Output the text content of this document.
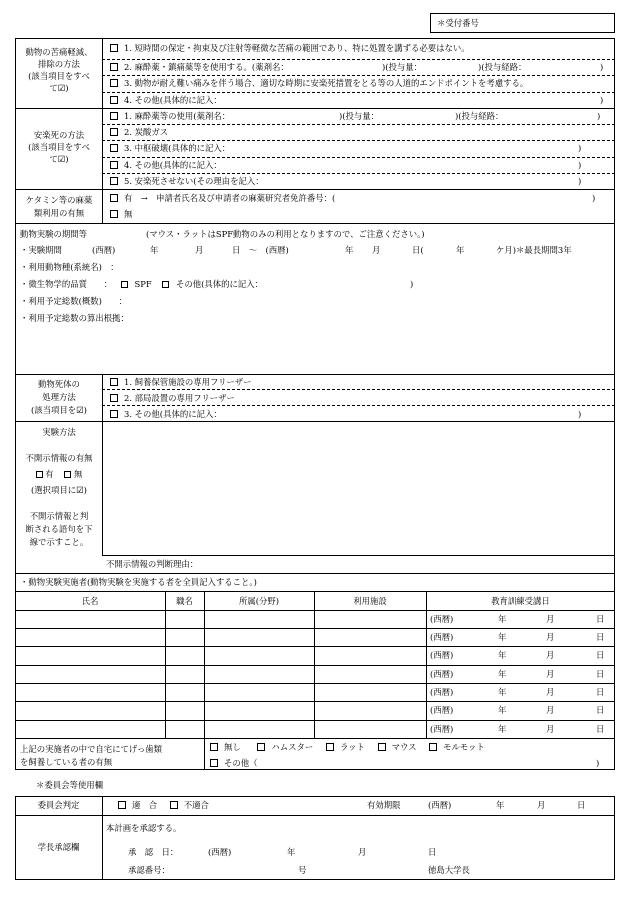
＊受付番号
動物の苦痛軽減、
排除の方法
(該当項目をすべ
て☑)
1. 短時間の保定・拘束及び注射等軽微な苦痛の範囲であり、特に処置を講ずる必要はない。
2. 麻酔薬・鎮痛薬等を使用する。(薬剤名：	)(投与量：	)(投与経路：	)
3. 動物が耐え難い痛みを伴う場合、適切な時期に安楽死措置をとる等の人道的エンドポイントを考慮する。
4. その他(具体的に記入：	)
安楽死の方法
(該当項目をすべ
て☑)
1. 麻酔薬等の使用(薬剤名：	)(投与量：	)(投与経路：	)
2. 炭酸ガス
3. 中枢破壊(具体的に記入：	)
4. その他(具体的に記入：	)
5. 安楽死させない(その理由を記入：	)
ケタミン等の麻薬
類利用の有無
有　→　申請者氏名及び申請者の麻薬研究者免許番号：(	)
無
動物実験の期間等	(マウス・ラットはSPF動物のみの利用となりますので、ご注意ください。)
・実験期間	(西暦)	年	月	日　～　(西暦)	年 月	日(	年	ケ月)＊最長期間3年
・利用動物種(系統名)　：
・微生物学的品質　　：	SPF	その他(具体的に記入：	)
・利用予定総数(概数)　　：
・利用予定総数の算出根拠：
動物死体の
処理方法
(該当項目を☑)
1. 飼養保管施設の専用フリーザー
2. 部局設置の専用フリーザー
3. その他(具体的に記入：	)
実験方法
不開示情報の有無
有 無
(選択項目に☑)
不開示情報と判
断される語句を下
線で示すこと。
不開示情報の判断理由：
・動物実験実施者(動物実験を実施する者を全員記入すること。)
氏名	職名	所属(分野)	利用施設	教育訓練受講日
(西暦)	年	月	日
(西暦)	年	月	日
(西暦)	年	月	日
(西暦)	年	月	日
(西暦)	年	月	日
(西暦)	年	月	日
(西暦)	年	月	日
上記の実施者の中で自宅にてげっ歯類
を飼養している者の有無
無し	ハムスター	ラット	マウス	モルモット
その他（	)
＊委員会等使用欄
委員会判定	適　合	不適合	有効期限	(西暦)	年	月	日
学長承認欄
本計画を承認する。
承　認　日：	(西暦)	年	月	日
承認番号：	号	徳島大学長
